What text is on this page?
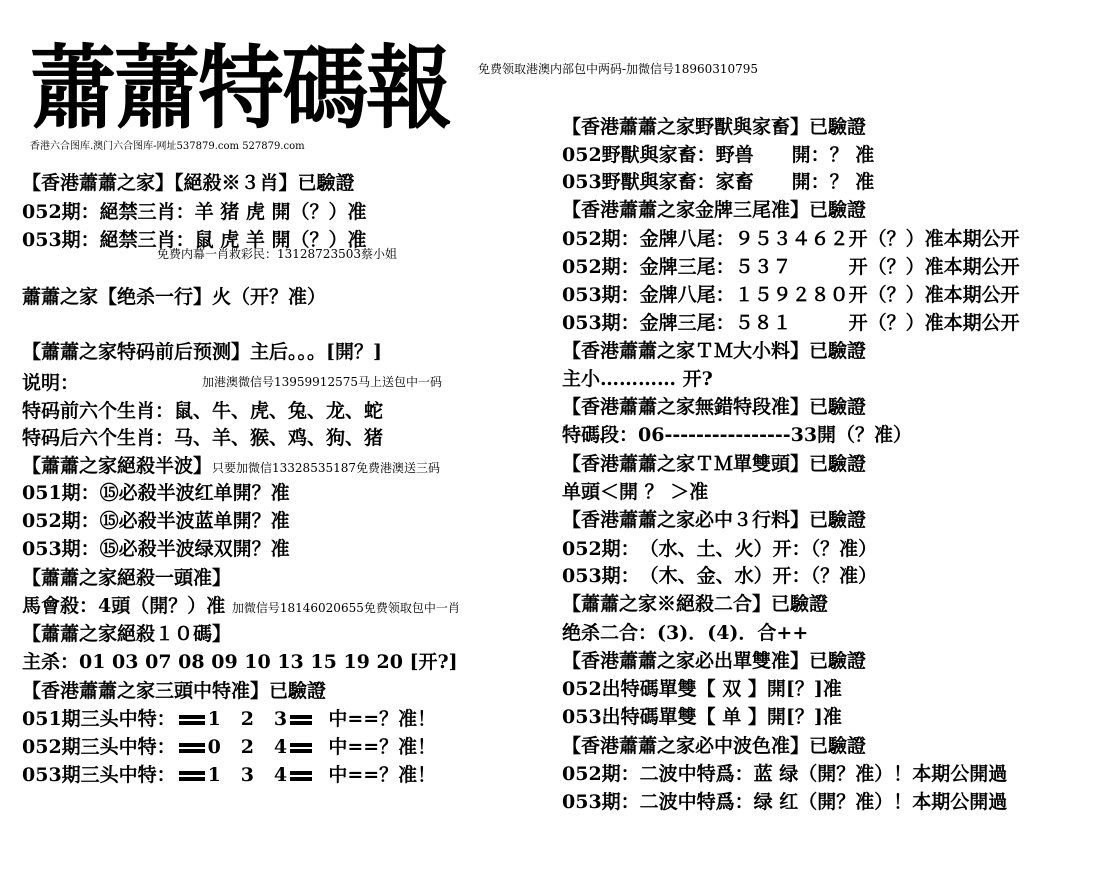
蕭蕭特碼報 免费领取港澳内部包中两码-加微信号18960310795
香港六合图库.澳门六合图库-网址537879.com 527879.com
【香港蕭蕭之家】【絕殺※３肖】已驗證
052期：絕禁三肖：羊 猪 虎 開（？）准
053期：絕禁三肖：鼠 虎 羊 開（？）准
免费内幕一肖救彩民：13128723503蔡小姐
蕭蕭之家【绝杀一行】火（开？准）
【蕭蕭之家特码前后预测】主后。。。[開？]
说明：	加港澳微信号13959912575马上送包中一码
特码前六个生肖：鼠、牛、虎、兔、龙、蛇
特码后六个生肖：马、羊、猴、鸡、狗、猪
【蕭蕭之家絕殺半波】只要加微信13328535187免费港澳送三码
051期：⑮必殺半波红单開？准
052期：⑮必殺半波蓝单開？准
053期：⑮必殺半波绿双開？准
【蕭蕭之家絕殺一頭准】
馬會殺：4頭（開？）准 加微信号18146020655免费领取包中一肖
【蕭蕭之家絕殺１０碼】
主杀：01 03 07 08 09 10 13 15 19 20 [开?]
【香港蕭蕭之家三頭中特准】已驗證
051期三头中特： 1 2 3 中==？准！
052期三头中特： 0 2 4 中==？准！
053期三头中特： 1 3 4 中==？准！
【香港蕭蕭之家野獸與家畜】已驗證
052野獸與家畜：野兽　　開：？ 准
053野獸與家畜：家畜　　開：？ 准
【香港蕭蕭之家金牌三尾准】已驗證
052期：金牌八尾：９５３４６２开（？）准本期公开
052期：金牌三尾：５３７　　　开（？）准本期公开
053期：金牌八尾：１５９２８０开（？）准本期公开
053期：金牌三尾：５８１　　　开（？）准本期公开
【香港蕭蕭之家ＴＭ大小料】已驗證
主小………… 开?
【香港蕭蕭之家無錯特段准】已驗證
特碼段：06----------------33開（？准）
【香港蕭蕭之家ＴＭ單雙頭】已驗證
单頭＜開 ？ ＞准
【香港蕭蕭之家必中３行料】已驗證
052期：　（水、土、火）开：（？准）
053期：　（木、金、水）开：（？准）
【蕭蕭之家※絕殺二合】已驗證
绝杀二合：(3)．(4)．合++
【香港蕭蕭之家必出單雙准】已驗證
052出特碼單雙【 双 】開[？]准
053出特碼單雙【 单 】開[？]准
【香港蕭蕭之家必中波色准】已驗證
052期：二波中特爲：蓝 绿（開？准）！本期公開過
053期：二波中特爲：绿 红（開？准）！本期公開過
